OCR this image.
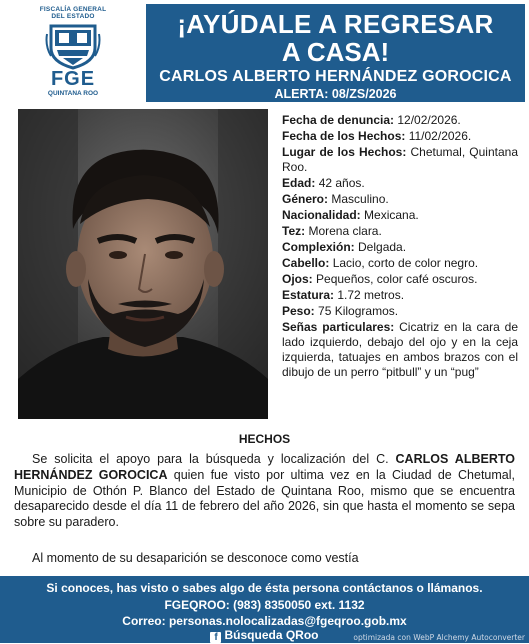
FISCALÍA GENERAL
DEL ESTADO
FGE
QUINTANA ROO
¡AYÚDALE A REGRESAR
A CASA!
CARLOS ALBERTO HERNÁNDEZ GOROCICA
ALERTA: 08/ZS/2026
Fecha de denuncia: 12/02/2026.
Fecha de los Hechos: 11/02/2026.
Lugar de los Hechos: Chetumal, Quintana Roo.
Edad: 42 años.
Género: Masculino.
Nacionalidad: Mexicana.
Tez: Morena clara.
Complexión: Delgada.
Cabello: Lacio, corto de color negro.
Ojos: Pequeños, color café oscuros.
Estatura: 1.72 metros.
Peso: 75 Kilogramos.
Señas particulares: Cicatriz en la cara de lado izquierdo, debajo del ojo y en la ceja izquierda, tatuajes en ambos brazos con el dibujo de un perro “pitbull” y un “pug”
HECHOS

Se solicita el apoyo para la búsqueda y localización del C. CARLOS ALBERTO HERNÁNDEZ GOROCICA quien fue visto por ultima vez en la Ciudad de Chetumal, Municipio de Othón P. Blanco del Estado de Quintana Roo, mismo que se encuentra desaparecido desde el día 11 de febrero del año 2026, sin que hasta el momento se sepa sobre su paradero.

Al momento de su desaparición se desconoce como vestía
Si conoces, has visto o sabes algo de ésta persona contáctanos o llámanos.
FGEQROO: (983) 8350050 ext. 1132
Correo: personas.nolocalizadas@fgeqroo.gob.mx
f Búsqueda QRoo	optimizada con WebP Alchemy Autoconverter
